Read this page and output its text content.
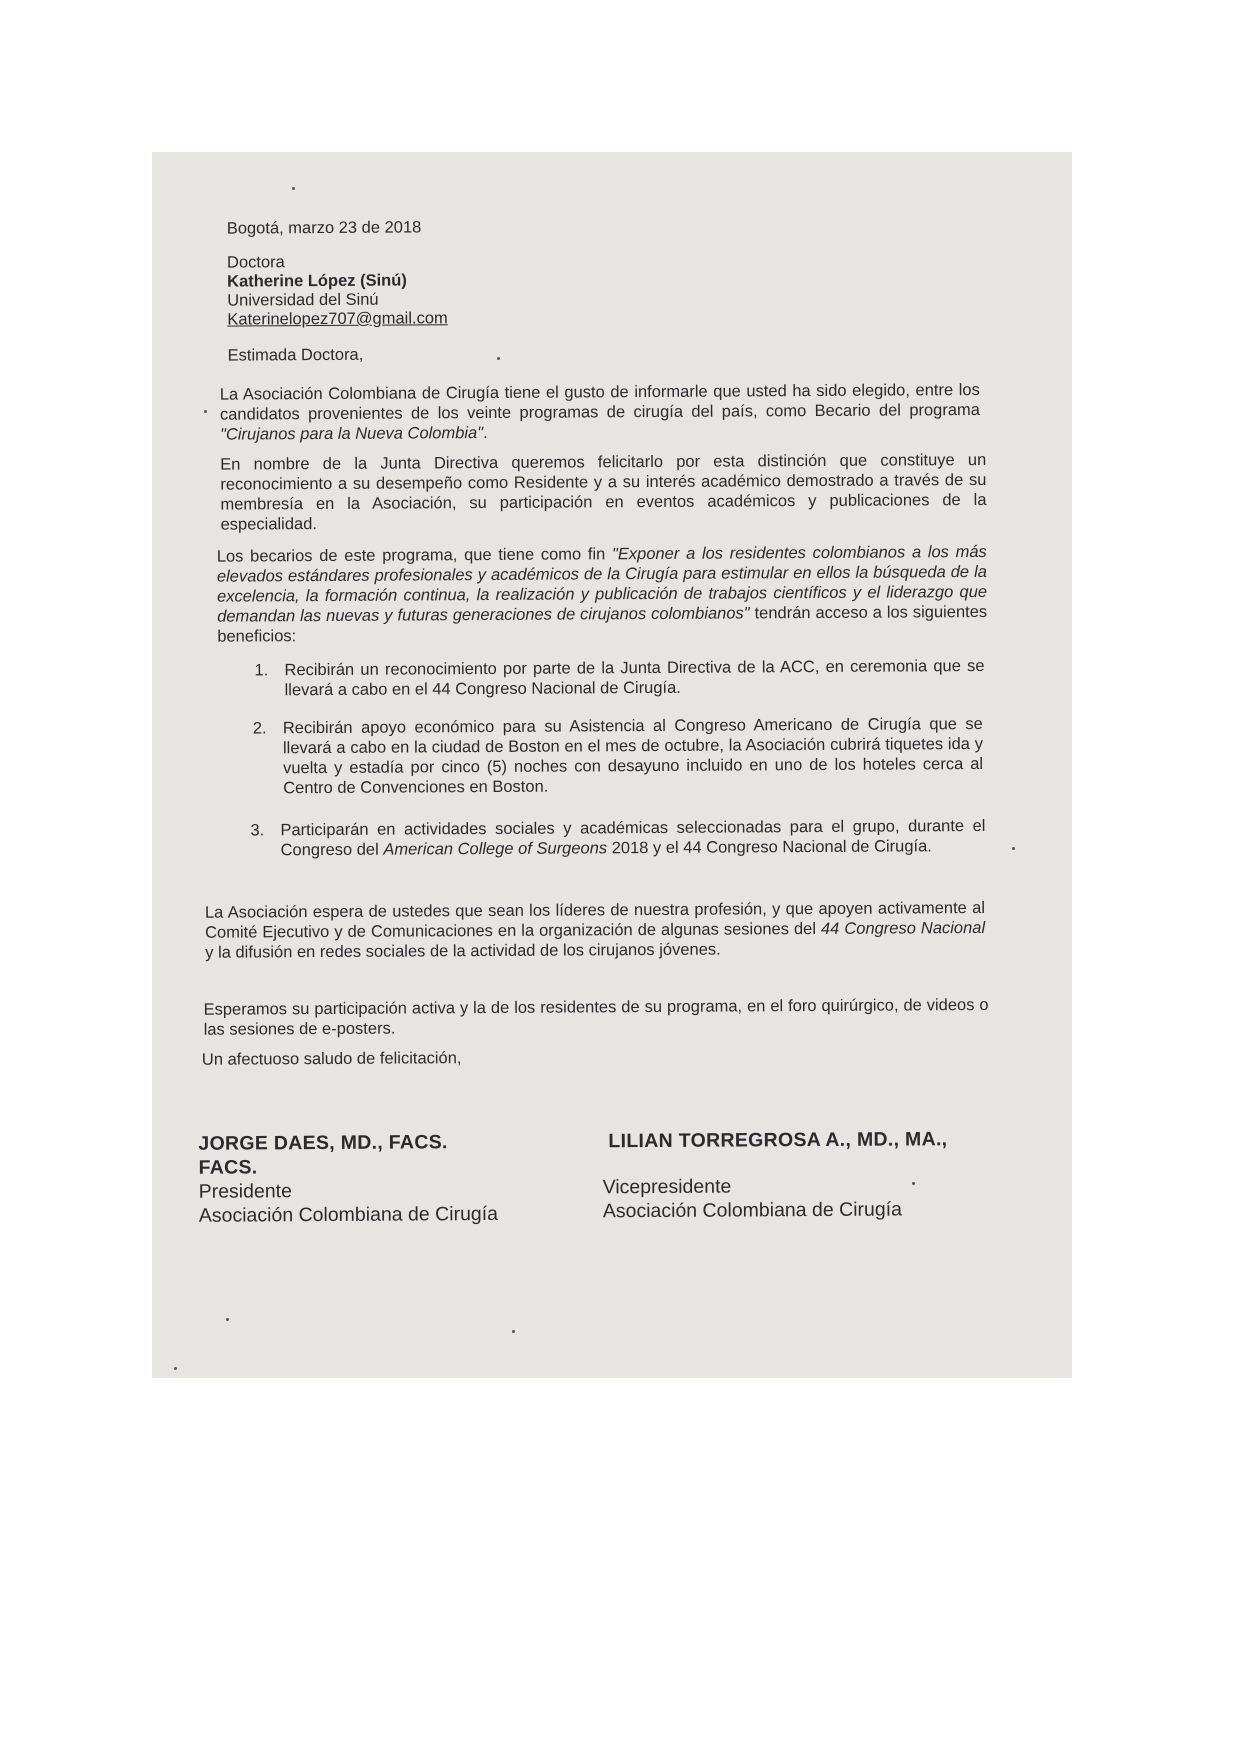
Bogotá, marzo 23 de 2018
Doctora
Katherine López (Sinú)
Universidad del Sinú
Katerinelopez707@gmail.com
Estimada Doctora,
La Asociación Colombiana de Cirugía tiene el gusto de informarle que usted ha sido elegido, entre los candidatos provenientes de los veinte programas de cirugía del país, como Becario del programa "Cirujanos para la Nueva Colombia".
En nombre de la Junta Directiva queremos felicitarlo por esta distinción que constituye un reconocimiento a su desempeño como Residente y a su interés académico demostrado a través de su membresía en la Asociación, su participación en eventos académicos y publicaciones de la especialidad.
Los becarios de este programa, que tiene como fin "Exponer a los residentes colombianos a los más elevados estándares profesionales y académicos de la Cirugía para estimular en ellos la búsqueda de la excelencia, la formación continua, la realización y publicación de trabajos científicos y el liderazgo que demandan las nuevas y futuras generaciones de cirujanos colombianos" tendrán acceso a los siguientes beneficios:
1. Recibirán un reconocimiento por parte de la Junta Directiva de la ACC, en ceremonia que se llevará a cabo en el 44 Congreso Nacional de Cirugía.
2. Recibirán apoyo económico para su Asistencia al Congreso Americano de Cirugía que se llevará a cabo en la ciudad de Boston en el mes de octubre, la Asociación cubrirá tiquetes ida y vuelta y estadía por cinco (5) noches con desayuno incluido en uno de los hoteles cerca al Centro de Convenciones en Boston.
3. Participarán en actividades sociales y académicas seleccionadas para el grupo, durante el Congreso del American College of Surgeons 2018 y el 44 Congreso Nacional de Cirugía.
La Asociación espera de ustedes que sean los líderes de nuestra profesión, y que apoyen activamente al Comité Ejecutivo y de Comunicaciones en la organización de algunas sesiones del 44 Congreso Nacional y la difusión en redes sociales de la actividad de los cirujanos jóvenes.
Esperamos su participación activa y la de los residentes de su programa, en el foro quirúrgico, de videos o las sesiones de e-posters.
Un afectuoso saludo de felicitación,
JORGE DAES, MD., FACS.
FACS.
Presidente
Asociación Colombiana de Cirugía
LILIAN TORREGROSA A., MD., MA.,
Vicepresidente
Asociación Colombiana de Cirugía
